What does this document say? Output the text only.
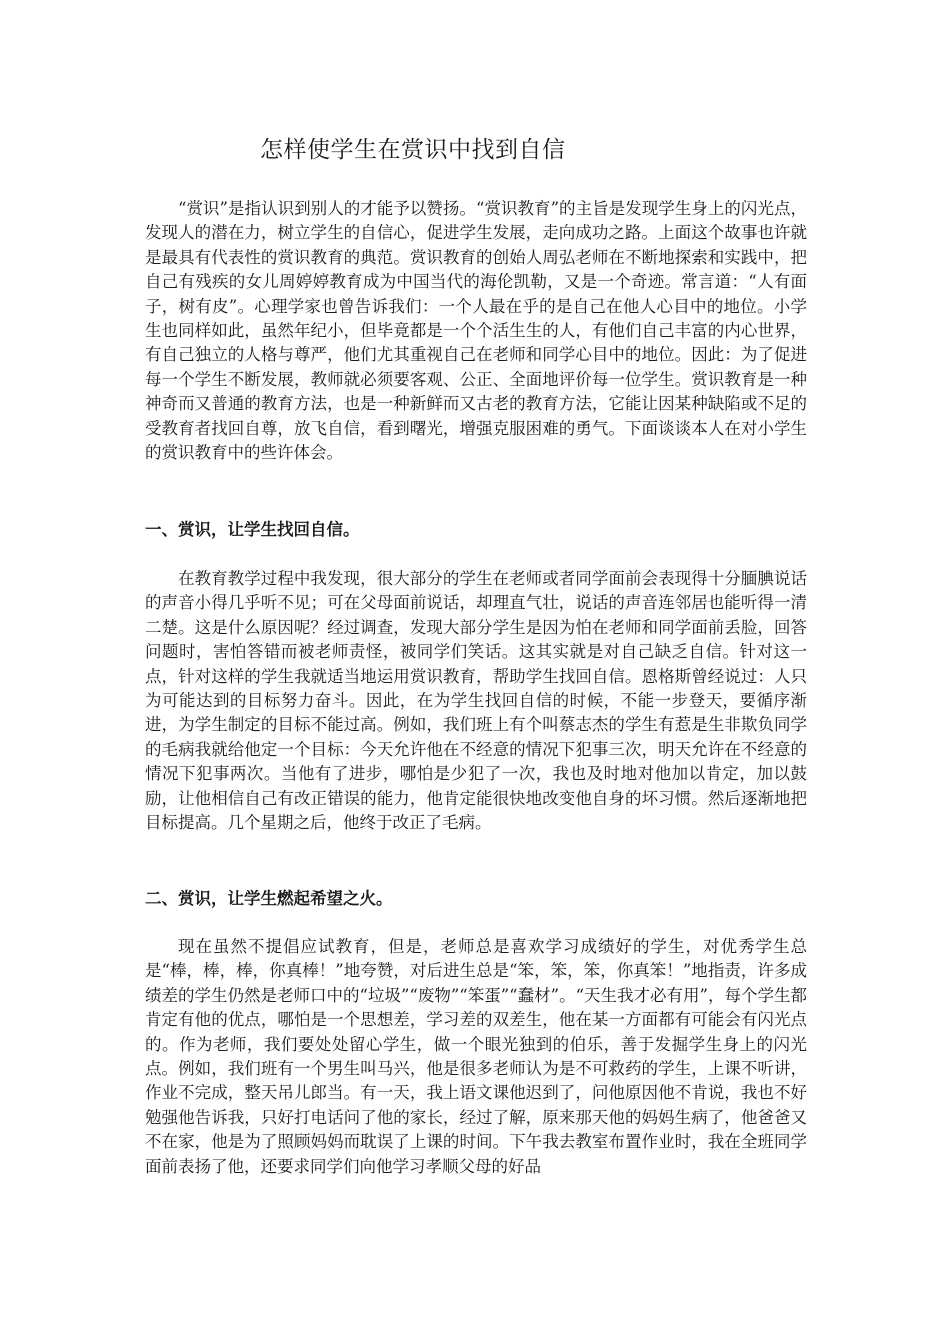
怎样使学生在赏识中找到自信

“赏识”是指认识到别人的才能予以赞扬。“赏识教育”的主旨是发现学生身上的闪光点，发现人的潜在力，树立学生的自信心，促进学生发展，走向成功之路。上面这个故事也许就是最具有代表性的赏识教育的典范。赏识教育的创始人周弘老师在不断地探索和实践中，把自己有残疾的女儿周婷婷教育成为中国当代的海伦凯勒，又是一个奇迹。常言道：“人有面子，树有皮”。心理学家也曾告诉我们：一个人最在乎的是自己在他人心目中的地位。小学生也同样如此，虽然年纪小，但毕竟都是一个个活生生的人，有他们自己丰富的内心世界，有自己独立的人格与尊严，他们尤其重视自己在老师和同学心目中的地位。因此：为了促进每一个学生不断发展，教师就必须要客观、公正、全面地评价每一位学生。赏识教育是一种神奇而又普通的教育方法，也是一种新鲜而又古老的教育方法，它能让因某种缺陷或不足的受教育者找回自尊，放飞自信，看到曙光，增强克服困难的勇气。下面谈谈本人在对小学生的赏识教育中的些许体会。

一、赏识，让学生找回自信。

在教育教学过程中我发现，很大部分的学生在老师或者同学面前会表现得十分腼腆说话的声音小得几乎听不见；可在父母面前说话，却理直气壮，说话的声音连邻居也能听得一清二楚。这是什么原因呢？经过调查，发现大部分学生是因为怕在老师和同学面前丢脸，回答问题时，害怕答错而被老师责怪，被同学们笑话。这其实就是对自己缺乏自信。针对这一点，针对这样的学生我就适当地运用赏识教育，帮助学生找回自信。恩格斯曾经说过：人只为可能达到的目标努力奋斗。因此，在为学生找回自信的时候，不能一步登天，要循序渐进，为学生制定的目标不能过高。例如，我们班上有个叫蔡志杰的学生有惹是生非欺负同学的毛病我就给他定一个目标：今天允许他在不经意的情况下犯事三次，明天允许在不经意的情况下犯事两次。当他有了进步，哪怕是少犯了一次，我也及时地对他加以肯定，加以鼓励，让他相信自己有改正错误的能力，他肯定能很快地改变他自身的坏习惯。然后逐渐地把目标提高。几个星期之后，他终于改正了毛病。

二、赏识，让学生燃起希望之火。

现在虽然不提倡应试教育，但是，老师总是喜欢学习成绩好的学生，对优秀学生总是“棒，棒，棒，你真棒！”地夸赞，对后进生总是“笨，笨，笨，你真笨！”地指责，许多成绩差的学生仍然是老师口中的“垃圾”“废物”“笨蛋”“蠢材”。“天生我才必有用”，每个学生都肯定有他的优点，哪怕是一个思想差，学习差的双差生，他在某一方面都有可能会有闪光点的。作为老师，我们要处处留心学生，做一个眼光独到的伯乐，善于发掘学生身上的闪光点。例如，我们班有一个男生叫马兴，他是很多老师认为是不可救药的学生，上课不听讲，作业不完成，整天吊儿郎当。有一天，我上语文课他迟到了，问他原因他不肯说，我也不好勉强他告诉我，只好打电话问了他的家长，经过了解，原来那天他的妈妈生病了，他爸爸又不在家，他是为了照顾妈妈而耽误了上课的时间。下午我去教室布置作业时，我在全班同学面前表扬了他，还要求同学们向他学习孝顺父母的好品
